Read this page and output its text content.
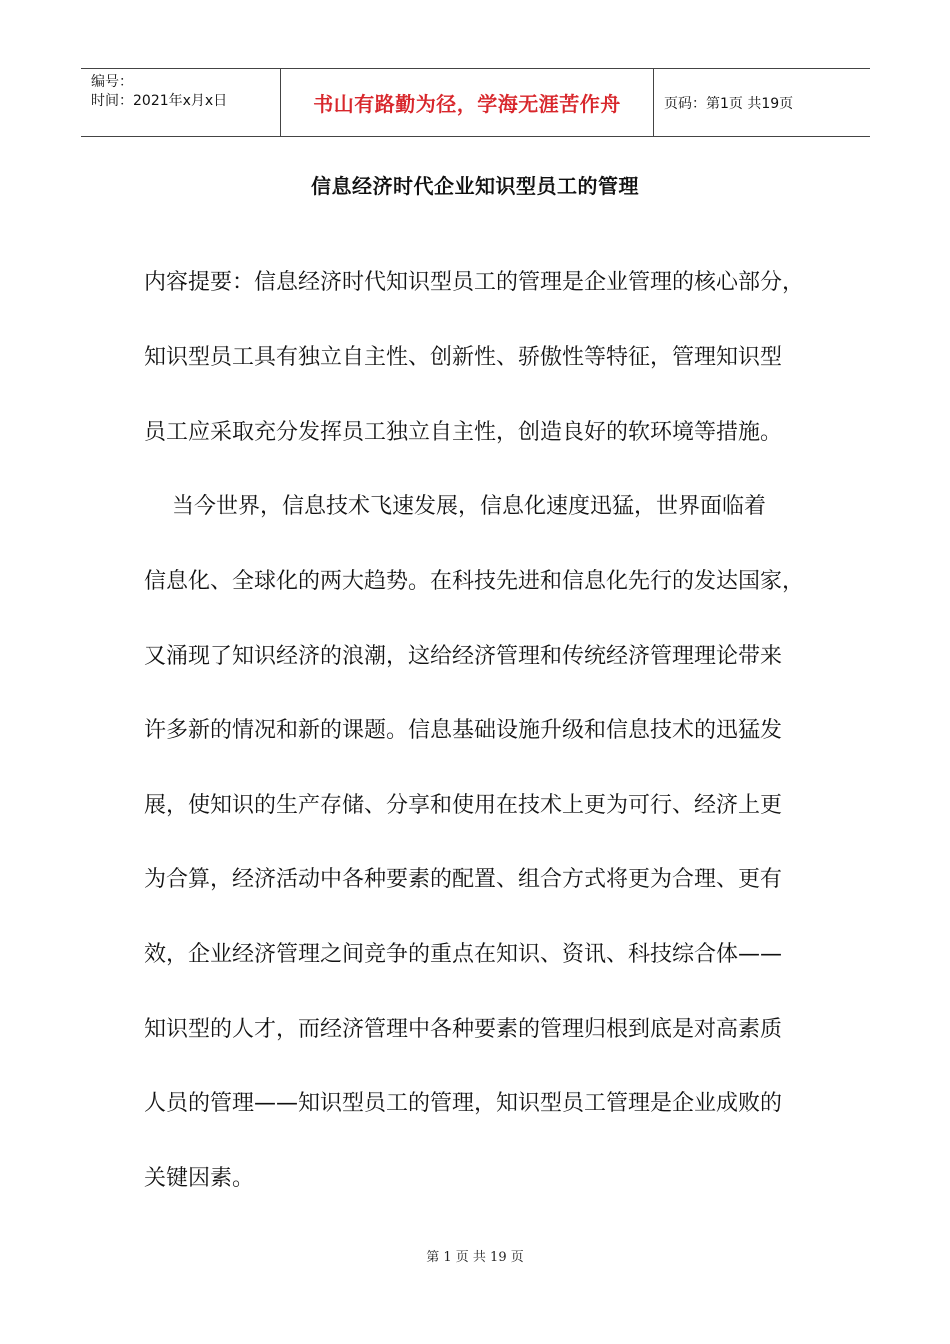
编号：
时间：2021年x月x日	书山有路勤为径，学海无涯苦作舟	页码：第1页 共19页
信息经济时代企业知识型员工的管理
内容提要：信息经济时代知识型员工的管理是企业管理的核心部分，
知识型员工具有独立自主性、创新性、骄傲性等特征，管理知识型
员工应采取充分发挥员工独立自主性，创造良好的软环境等措施。
当今世界，信息技术飞速发展，信息化速度迅猛，世界面临着
信息化、全球化的两大趋势。在科技先进和信息化先行的发达国家，
又涌现了知识经济的浪潮，这给经济管理和传统经济管理理论带来
许多新的情况和新的课题。信息基础设施升级和信息技术的迅猛发
展，使知识的生产存储、分享和使用在技术上更为可行、经济上更
为合算，经济活动中各种要素的配置、组合方式将更为合理、更有
效，企业经济管理之间竞争的重点在知识、资讯、科技综合体——
知识型的人才，而经济管理中各种要素的管理归根到底是对高素质
人员的管理——知识型员工的管理，知识型员工管理是企业成败的
关键因素。
第 1 页 共 19 页
